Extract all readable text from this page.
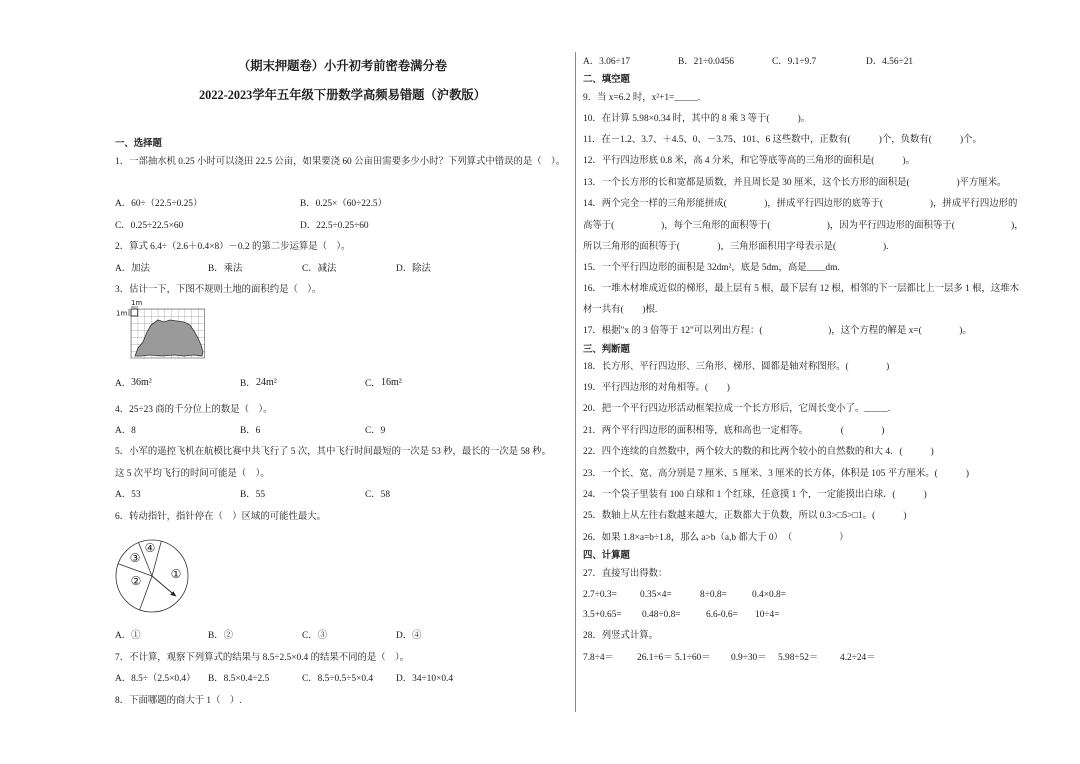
（期末押题卷）小升初考前密卷满分卷
2022-2023学年五年级下册数学高频易错题（沪教版）
一、选择题
1．一部抽水机 0.25 小时可以浇田 22.5 公亩，如果要浇 60 公亩田需要多少小时？下列算式中错误的是（　）。
A．60÷（22.5÷0.25）	B．0.25×（60÷22.5）
C．0.25÷22.5×60	D．22.5÷0.25÷60
2．算式 6.4÷（2.6＋0.4×8）－0.2 的第二步运算是（　）。
A．加法	B．乘法	C．减法	D．除法
3．估计一下，下图不规则土地的面积约是（　）。
1m
1m
A． 36m²	B． 24m²	C． 16m²
4．25÷23 商的千分位上的数是（　）。
A．8	B．6	C．9
5．小军的遥控飞机在航模比赛中共飞行了 5 次，其中飞行时间最短的一次是 53 秒，最长的一次是 58 秒。
这 5 次平均飞行的时间可能是（　）。
A．53	B．55	C．58
6．转动指针，指针停在（　）区域的可能性最大。
①
②
③
④
A．①	B．②	C．③	D．④
7．不计算，观察下列算式的结果与 8.5÷2.5×0.4 的结果不同的是（　）。
A．8.5÷（2.5×0.4） B．8.5×0.4÷2.5	C．8.5÷0.5÷5×0.4 D．34÷10×0.4
8．下面哪题的商大于 1（　）.
A．3.06÷17	B．21÷0.0456	C．9.1÷9.7	D．4.56÷21
二、填空题
9．当 x=6.2 时，x²+1=_____.
10．在计算 5.98×0.34 时，其中的 8 乘 3 等于(　　　)。
11．在－1.2、3.7、＋4.5、0、－3.75、101、6 这些数中，正数有(　　　)个，负数有(　　　)个。
12．平行四边形底 0.8 米，高 4 分米，和它等底等高的三角形的面积是(　　　)。
13．一个长方形的长和宽都是质数，并且周长是 30 厘米，这个长方形的面积是(　　　　　)平方厘米。
14．两个完全一样的三角形能拼成(　　　　)，拼成平行四边形的底等于(　　　　　)，拼成平行四边形的
高等于(　　　　　)，每个三角形的面积等于(　　　　　　)，因为平行四边形的面积等于(　　　　　　)，
所以三角形的面积等于(　　　　)，三角形面积用字母表示是(　　　　　).
15．一个平行四边形的面积是 32dm²，底是 5dm，高是____dm.
16．一堆木材堆成近似的梯形，最上层有 5 根，最下层有 12 根，相邻的下一层都比上一层多 1 根，这堆木
材一共有(　　)根.
17．根据"x 的 3 倍等于 12"可以列出方程：(　　　　　　　)，这个方程的解是 x=(　　　　)。
三、判断题
18．长方形、平行四边形、三角形、梯形、圆都是轴对称图形。(　　　　)
19．平行四边形的对角相等。(　　)
20．把一个平行四边形活动框架拉成一个长方形后，它周长变小了。_____.
21．两个平行四边形的面积相等，底和高也一定相等。　　　　(　　　　)
22．四个连续的自然数中，两个较大的数的和比两个较小的自然数的和大 4．(　　　)
23．一个长、宽、高分别是 7 厘米、5 厘米、3 厘米的长方体，体积是 105 平方厘米。(　　　)
24．一个袋子里装有 100 白球和 1 个红球，任意摸 1 个，一定能摸出白球．(　　　)
25．数轴上从左往右数越来越大，正数都大于负数，所以 0.3>□5>□1。(　　　)
26．如果 1.8×a=b÷1.8，那么 a>b（a,b 都大于 0）　（　　　　　）
四、计算题
27．直接写出得数：
2.7÷0.3= 0.35×4=	8÷0.8=	0.4×0.8=
3.5+0.65= 0.48÷0.8=	6.6-0.6= 10÷4=
28．列竖式计算。
7.8÷4＝ 26.1÷6＝ 5.1÷60＝ 0.9÷30＝ 5.98÷52＝ 4.2÷24＝
